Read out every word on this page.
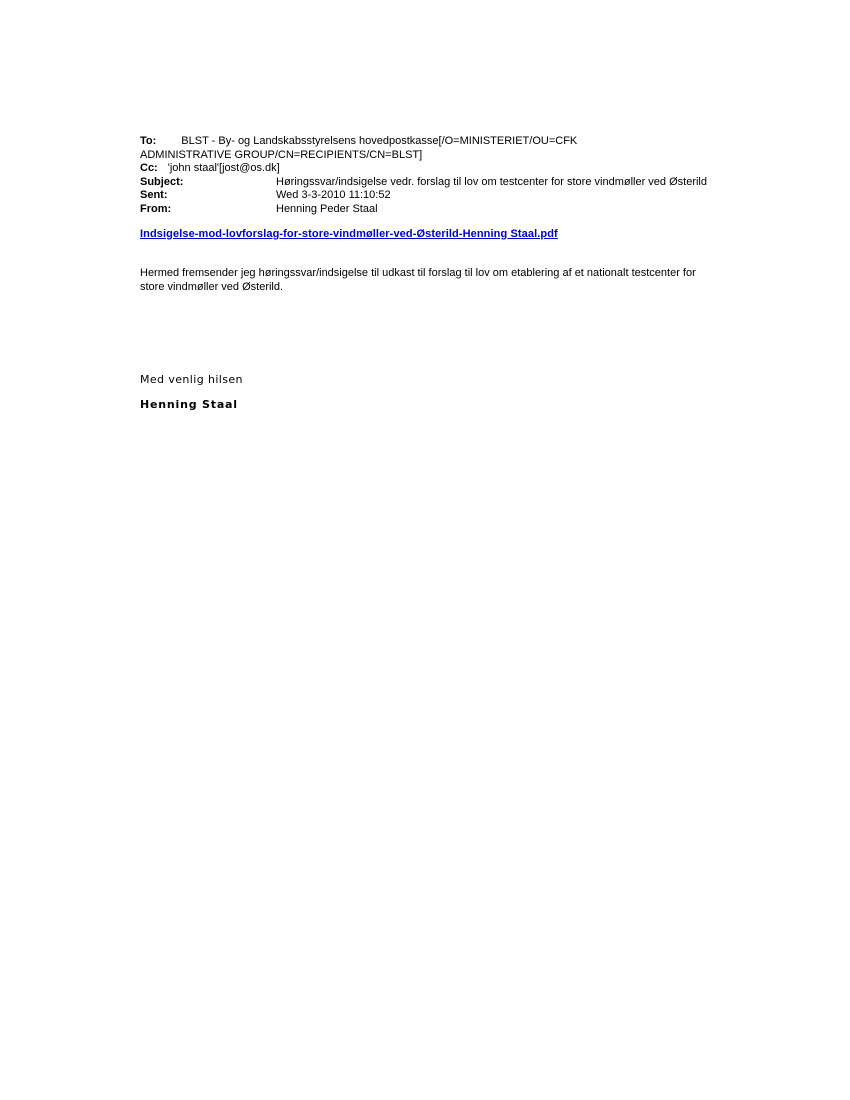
To: BLST - By- og Landskabsstyrelsens hovedpostkasse[/O=MINISTERIET/OU=CFK
ADMINISTRATIVE GROUP/CN=RECIPIENTS/CN=BLST]
Cc: 'john staal'[jost@os.dk]
Subject:	Høringssvar/indsigelse vedr. forslag til lov om testcenter for store vindmøller ved Østerild
Sent:	Wed 3-3-2010 11:10:52
From:	Henning Peder Staal
Indsigelse-mod-lovforslag-for-store-vindmøller-ved-Østerild-Henning Staal.pdf
Hermed fremsender jeg høringssvar/indsigelse til udkast til forslag til lov om etablering af et nationalt testcenter for store vindmøller ved Østerild.
Med venlig hilsen
Henning Staal
